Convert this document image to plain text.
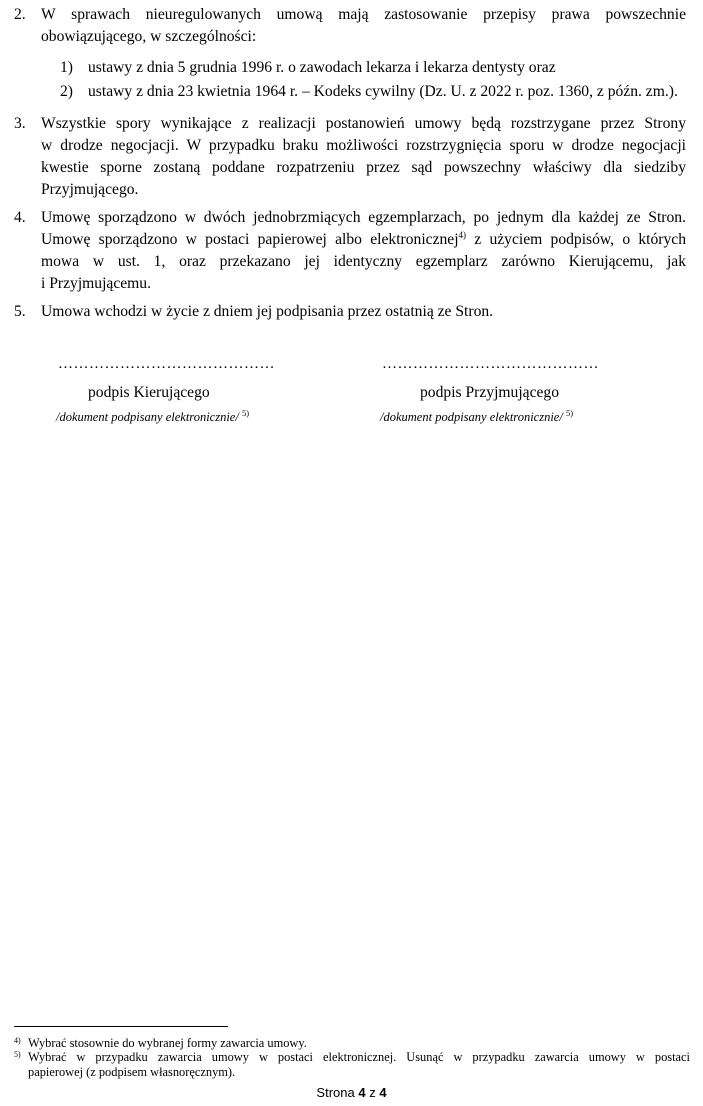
2. W sprawach nieuregulowanych umową mają zastosowanie przepisy prawa powszechnie
obowiązującego, w szczególności:
1) ustawy z dnia 5 grudnia 1996 r. o zawodach lekarza i lekarza dentysty oraz
2) ustawy z dnia 23 kwietnia 1964 r. – Kodeks cywilny (Dz. U. z 2022 r. poz. 1360, z późn. zm.).
3. Wszystkie spory wynikające z realizacji postanowień umowy będą rozstrzygane przez Strony
w drodze negocjacji. W przypadku braku możliwości rozstrzygnięcia sporu w drodze negocjacji
kwestie sporne zostaną poddane rozpatrzeniu przez sąd powszechny właściwy dla siedziby
Przyjmującego.
4. Umowę sporządzono w dwóch jednobrzmiących egzemplarzach, po jednym dla każdej ze Stron.
Umowę sporządzono w postaci papierowej albo elektronicznej$^{4)}$ z użyciem podpisów, o których
mowa w ust. 1, oraz przekazano jej identyczny egzemplarz zarówno Kierującemu, jak
i Przyjmującemu.
5. Umowa wchodzi w życie z dniem jej podpisania przez ostatnią ze Stron.
……………………………………
podpis Kierującego
/dokument podpisany elektronicznie/ $^{5)}$
……………………………………
podpis Przyjmującego
/dokument podpisany elektronicznie/ $^{5)}$
4) Wybrać stosownie do wybranej formy zawarcia umowy.
5) Wybrać w przypadku zawarcia umowy w postaci elektronicznej. Usunąć w przypadku zawarcia umowy w postaci
papierowej (z podpisem własnoręcznym).
Strona 4 z 4
